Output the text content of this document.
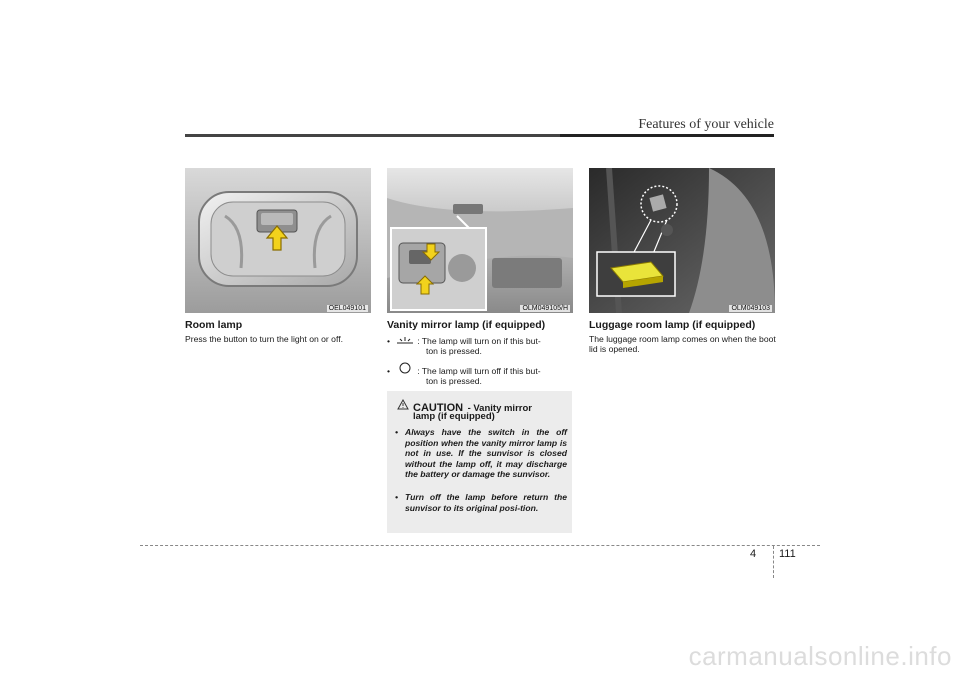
Features of your vehicle
OEL049101
Room lamp
Press the button to turn the light on or off.
OLM049105/H
Vanity mirror lamp (if equipped)
•	: The lamp will turn on if this but-
ton is pressed.
•	: The lamp will turn off if this but-
ton is pressed.
CAUTION - Vanity mirror
lamp (if equipped)
• Always have the switch in the off position when the vanity mirror lamp is not in use. If the sunvisor is closed without the lamp off, it may discharge the battery or damage the sunvisor.
• Turn off the lamp before return the sunvisor to its original posi-tion.
OLM049103
Luggage room lamp (if equipped)
The luggage room lamp comes on when the boot lid is opened.
4 111
carmanualsonline.info
